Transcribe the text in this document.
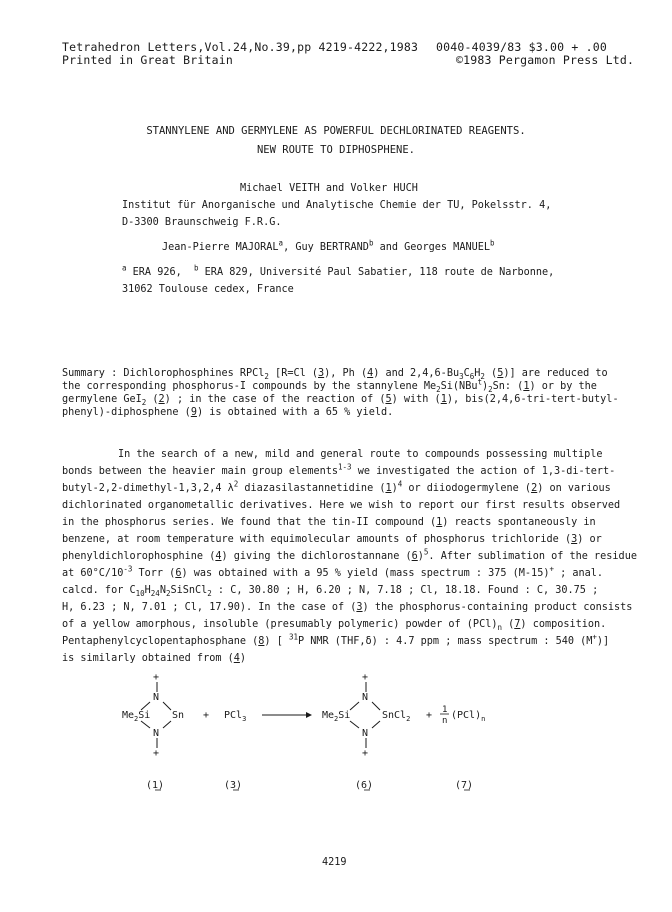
Tetrahedron Letters,Vol.24,No.39,pp 4219-4222,1983
Printed in Great Britain
0040-4039/83 $3.00 + .00
©1983 Pergamon Press Ltd.
STANNYLENE AND GERMYLENE AS POWERFUL DECHLORINATED REAGENTS.
NEW ROUTE TO DIPHOSPHENE.
Michael VEITH and Volker HUCH
Institut für Anorganische und Analytische Chemie der TU, Pokelsstr. 4,
D-3300 Braunschweig F.R.G.
Jean-Pierre MAJORAL$^a$, Guy BERTRAND$^b$ and Georges MANUEL$^b$
$^a$ ERA 926, $^b$ ERA 829, Université Paul Sabatier, 118 route de Narbonne,
31062 Toulouse cedex, France
Summary : Dichlorophosphines RPCl$_2$ [R=Cl (3), Ph (4) and $2,4,6-Bu_3C_6H_2$ (5)] are reduced to
the corresponding phosphorus-I compounds by the stannylene $Me_2Si(NBu^t)_2Sn$: (1) or by the
germylene GeI$_2$ (2) ; in the case of the reaction of (5) with (1), bis(2,4,6-tri-tert-butyl-
phenyl)-diphosphene (9) is obtained with a 65 % yield.
In the search of a new, mild and general route to compounds possessing multiple
bonds between the heavier main group elements$^{1-3}$ we investigated the action of 1,3-di-tert-
butyl-2,2-dimethyl-1,3,2,4 $\lambda^2$ diazasilastannetidine $(1)^4$ or diiodogermylene (2) on various
dichlorinated organometallic derivatives. Here we wish to report our first results observed
in the phosphorus series. We found that the tin-II compound (1) reacts spontaneously in
benzene, at room temperature with equimolecular amounts of phosphorus trichloride (3) or
phenyldichlorophosphine (4) giving the dichlorostannane $(6)^5$. After sublimation of the residue
at $60^\circ C/10^{-3}$ Torr (6) was obtained with a 95 % yield (mass spectrum : 375 (M-15)+ ; anal.
calcd. for $C_{10}H_{24}N_2SiSnCl_2$ : C, 30.80 ; H, 6.20 ; N, 7.18 ; Cl, 18.18. Found : C, 30.75 ;
H, 6.23 ; N, 7.01 ; Cl, 17.90). In the case of (3) the phosphorus-containing product consists
of a yellow amorphous, insoluble (presumably polymeric) powder of $(PCl)_n$ (7) composition.
Pentaphenylcyclopentaphosphane (8) [ $^{31}$P NMR (THF,δ) : 4.7 ppm ; mass spectrum : 540 (M+)]
is similarly obtained from (4)
+
N
$Me_2Si$ Sn
N
+
+ PCl$_3$
+
N
$Me_2Si$	SnCl$_2$
N
+
+ 1
n $(PCl)_n$
(1)	(3)	(6)	(7)
4219
